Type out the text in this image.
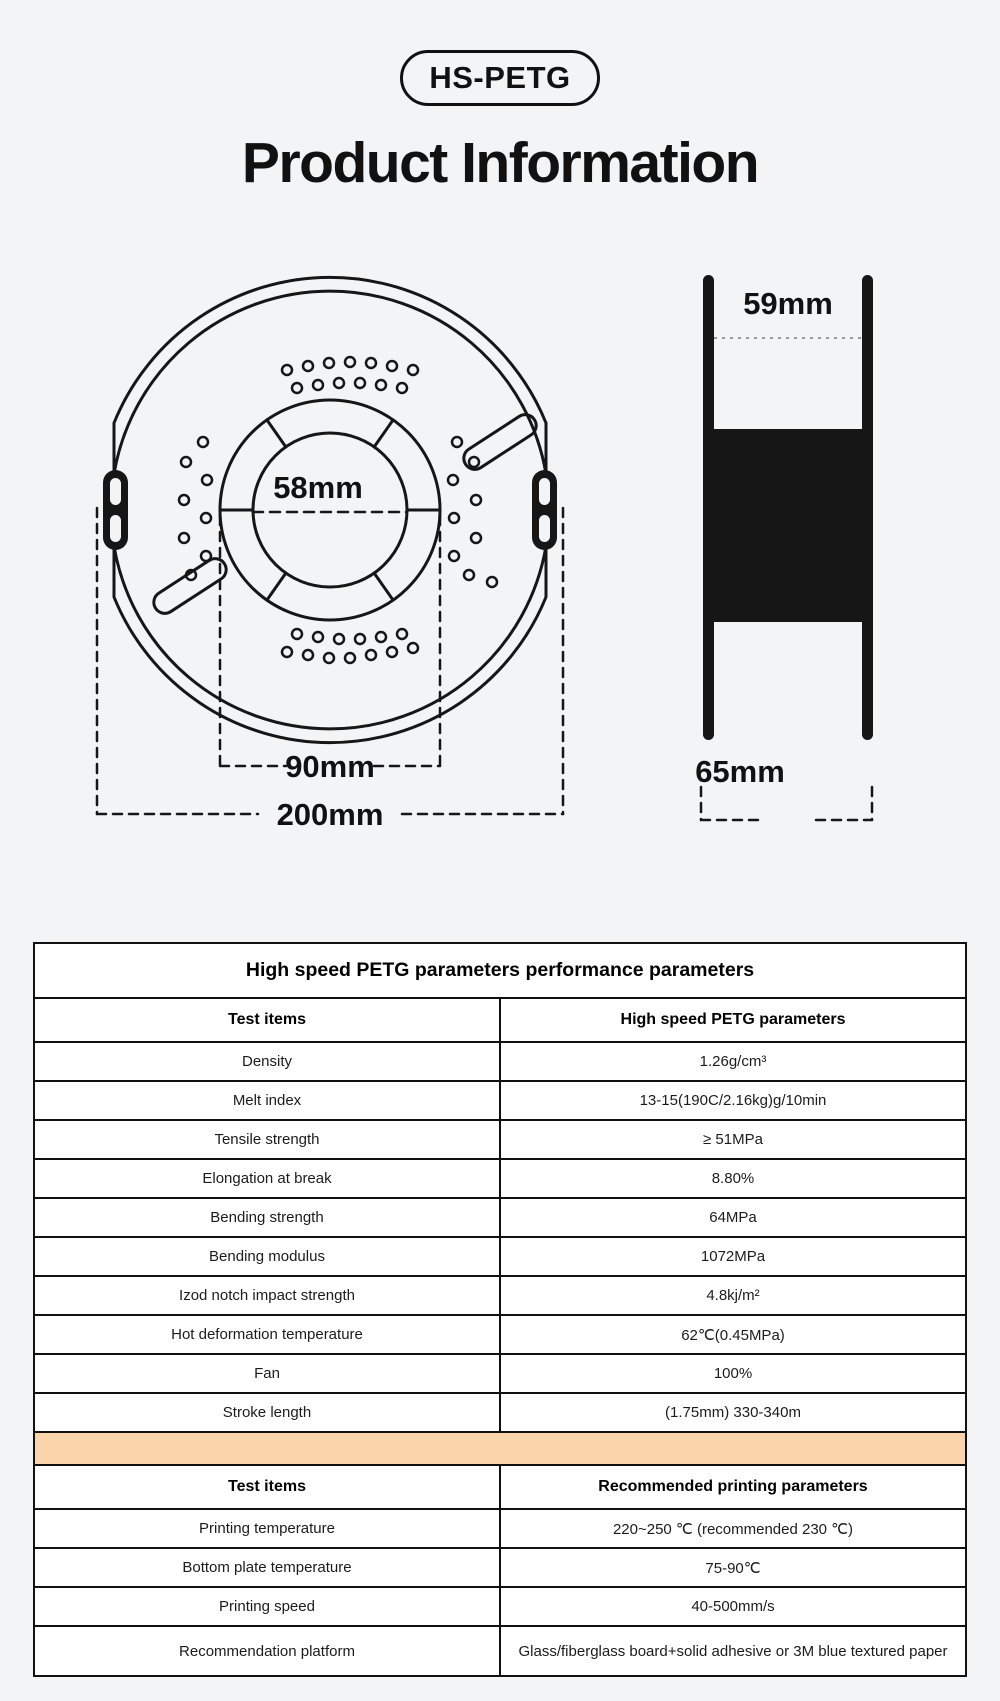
HS-PETG
Product Information
58mm
90mm
200mm
59mm
65mm
High speed PETG parameters performance parameters	
Test items	High speed PETG parameters
Density	1.26g/cm³
Melt index	13-15(190C/2.16kg)g/10min
Tensile strength	≥ 51MPa
Elongation at break	8.80%
Bending strength	64MPa
Bending modulus	1072MPa
Izod notch impact strength	4.8kj/m²
Hot deformation temperature	62℃(0.45MPa)
Fan	100%
Stroke length	(1.75mm) 330-340m

Test items	Recommended printing parameters
Printing temperature	220~250 ℃ (recommended 230 ℃)
Bottom plate temperature	75-90℃
Printing speed	40-500mm/s
Recommendation platform	Glass/fiberglass board+solid adhesive or 3M blue textured paper
